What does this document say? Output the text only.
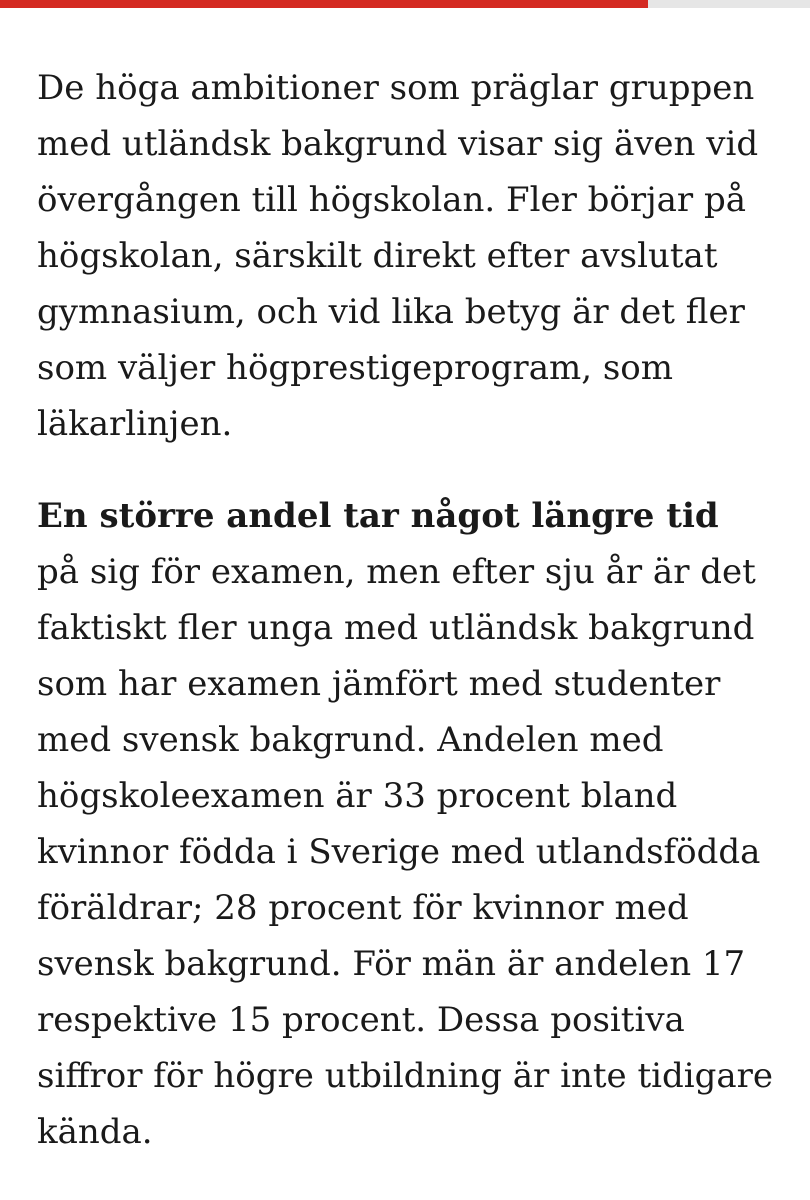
De höga ambitioner som präglar gruppen
med utländsk bakgrund visar sig även vid
övergången till högskolan. Fler börjar på
högskolan, särskilt direkt efter avslutat
gymnasium, och vid lika betyg är det fler
som väljer högprestigeprogram, som
läkarlinjen.

En större andel tar något längre tid
på sig för examen, men efter sju år är det
faktiskt fler unga med utländsk bakgrund
som har examen jämfört med studenter
med svensk bakgrund. Andelen med
högskoleexamen är 33 procent bland
kvinnor födda i Sverige med utlandsfödda
föräldrar; 28 procent för kvinnor med
svensk bakgrund. För män är andelen 17
respektive 15 procent. Dessa positiva
siffror för högre utbildning är inte tidigare
kända.
